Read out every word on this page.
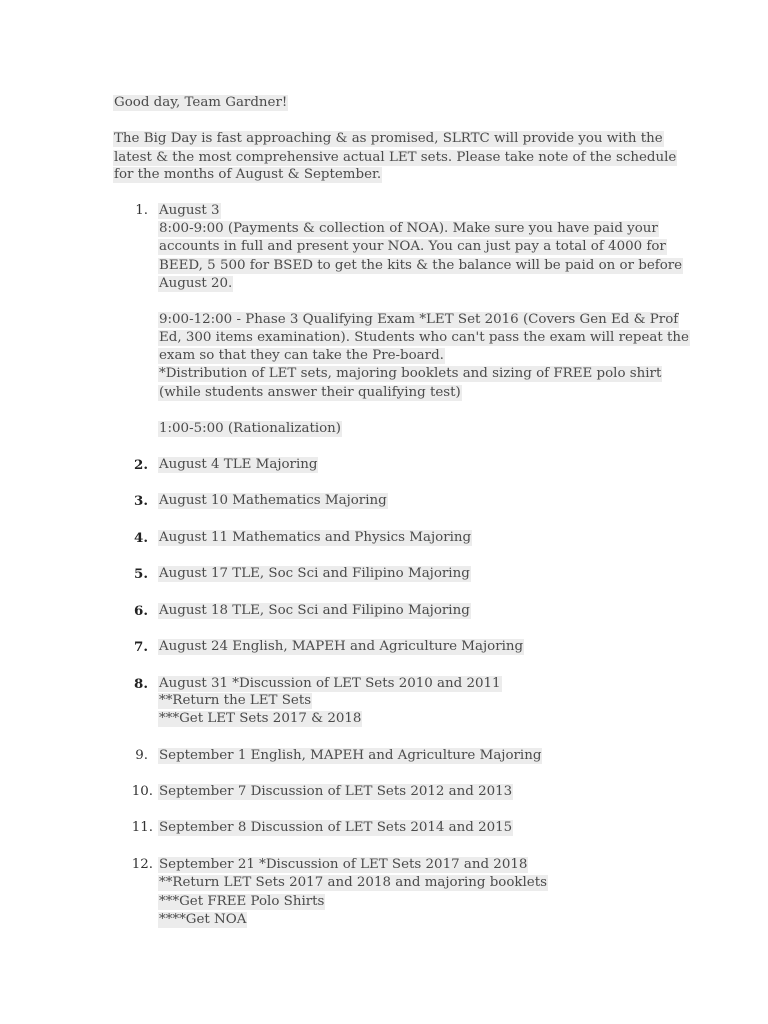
Good day, Team Gardner!
The Big Day is fast approaching & as promised, SLRTC will provide you with the
latest & the most comprehensive actual LET sets. Please take note of the schedule
for the months of August & September.
1. August 3
8:00-9:00 (Payments & collection of NOA). Make sure you have paid your
accounts in full and present your NOA. You can just pay a total of 4000 for
BEED, 5 500 for BSED to get the kits & the balance will be paid on or before
August 20.
9:00-12:00 - Phase 3 Qualifying Exam *LET Set 2016 (Covers Gen Ed & Prof
Ed, 300 items examination). Students who can't pass the exam will repeat the
exam so that they can take the Pre-board.
*Distribution of LET sets, majoring booklets and sizing of FREE polo shirt
(while students answer their qualifying test)
1:00-5:00 (Rationalization)
2. August 4 TLE Majoring
3. August 10 Mathematics Majoring
4. August 11 Mathematics and Physics Majoring
5. August 17 TLE, Soc Sci and Filipino Majoring
6. August 18 TLE, Soc Sci and Filipino Majoring
7. August 24 English, MAPEH and Agriculture Majoring
8. August 31 *Discussion of LET Sets 2010 and 2011
**Return the LET Sets
***Get LET Sets 2017 & 2018
9. September 1 English, MAPEH and Agriculture Majoring
10. September 7 Discussion of LET Sets 2012 and 2013
11. September 8 Discussion of LET Sets 2014 and 2015
12. September 21 *Discussion of LET Sets 2017 and 2018
**Return LET Sets 2017 and 2018 and majoring booklets
***Get FREE Polo Shirts
****Get NOA
